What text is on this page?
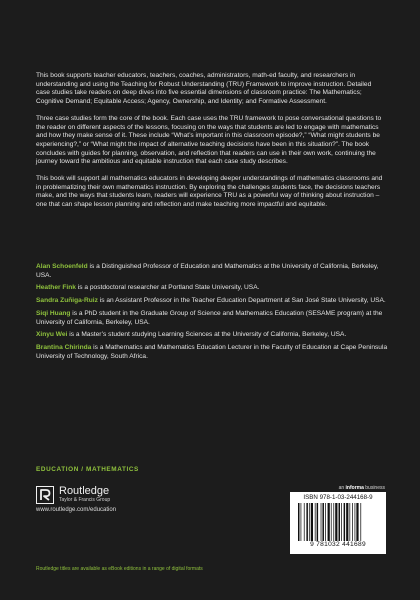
This book supports teacher educators, teachers, coaches, administrators, math-ed faculty, and researchers in understanding and using the Teaching for Robust Understanding (TRU) Framework to improve instruction. Detailed case studies take readers on deep dives into five essential dimensions of classroom practice: The Mathematics; Cognitive Demand; Equitable Access; Agency, Ownership, and Identity; and Formative Assessment.

Three case studies form the core of the book. Each case uses the TRU framework to pose conversational questions to the reader on different aspects of the lessons, focusing on the ways that students are led to engage with mathematics and how they make sense of it. These include “What’s important in this classroom episode?,” “What might students be experiencing?,” or “What might the impact of alternative teaching decisions have been in this situation?”. The book concludes with guides for planning, observation, and reflection that readers can use in their own work, continuing the journey toward the ambitious and equitable instruction that each case study describes.

This book will support all mathematics educators in developing deeper understandings of mathematics classrooms and in problematizing their own mathematics instruction. By exploring the challenges students face, the decisions teachers make, and the ways that students learn, readers will experience TRU as a powerful way of thinking about instruction – one that can shape lesson planning and reflection and make teaching more impactful and equitable.

Alan Schoenfeld is a Distinguished Professor of Education and Mathematics at the University of California, Berkeley, USA.

Heather Fink is a postdoctoral researcher at Portland State University, USA.

Sandra Zuñiga-Ruiz is an Assistant Professor in the Teacher Education Department at San José State University, USA.

Siqi Huang is a PhD student in the Graduate Group of Science and Mathematics Education (SESAME program) at the University of California, Berkeley, USA.

Xinyu Wei is a Master’s student studying Learning Sciences at the University of California, Berkeley, USA.

Brantina Chirinda is a Mathematics and Mathematics Education Lecturer in the Faculty of Education at Cape Peninsula University of Technology, South Africa.

EDUCATION / MATHEMATICS
Routledge
Taylor & Francis Group
www.routledge.com/education
an informa business
ISBN 978-1-03-244168-9
9 781032 441689
Routledge titles are available as eBook editions in a range of digital formats
